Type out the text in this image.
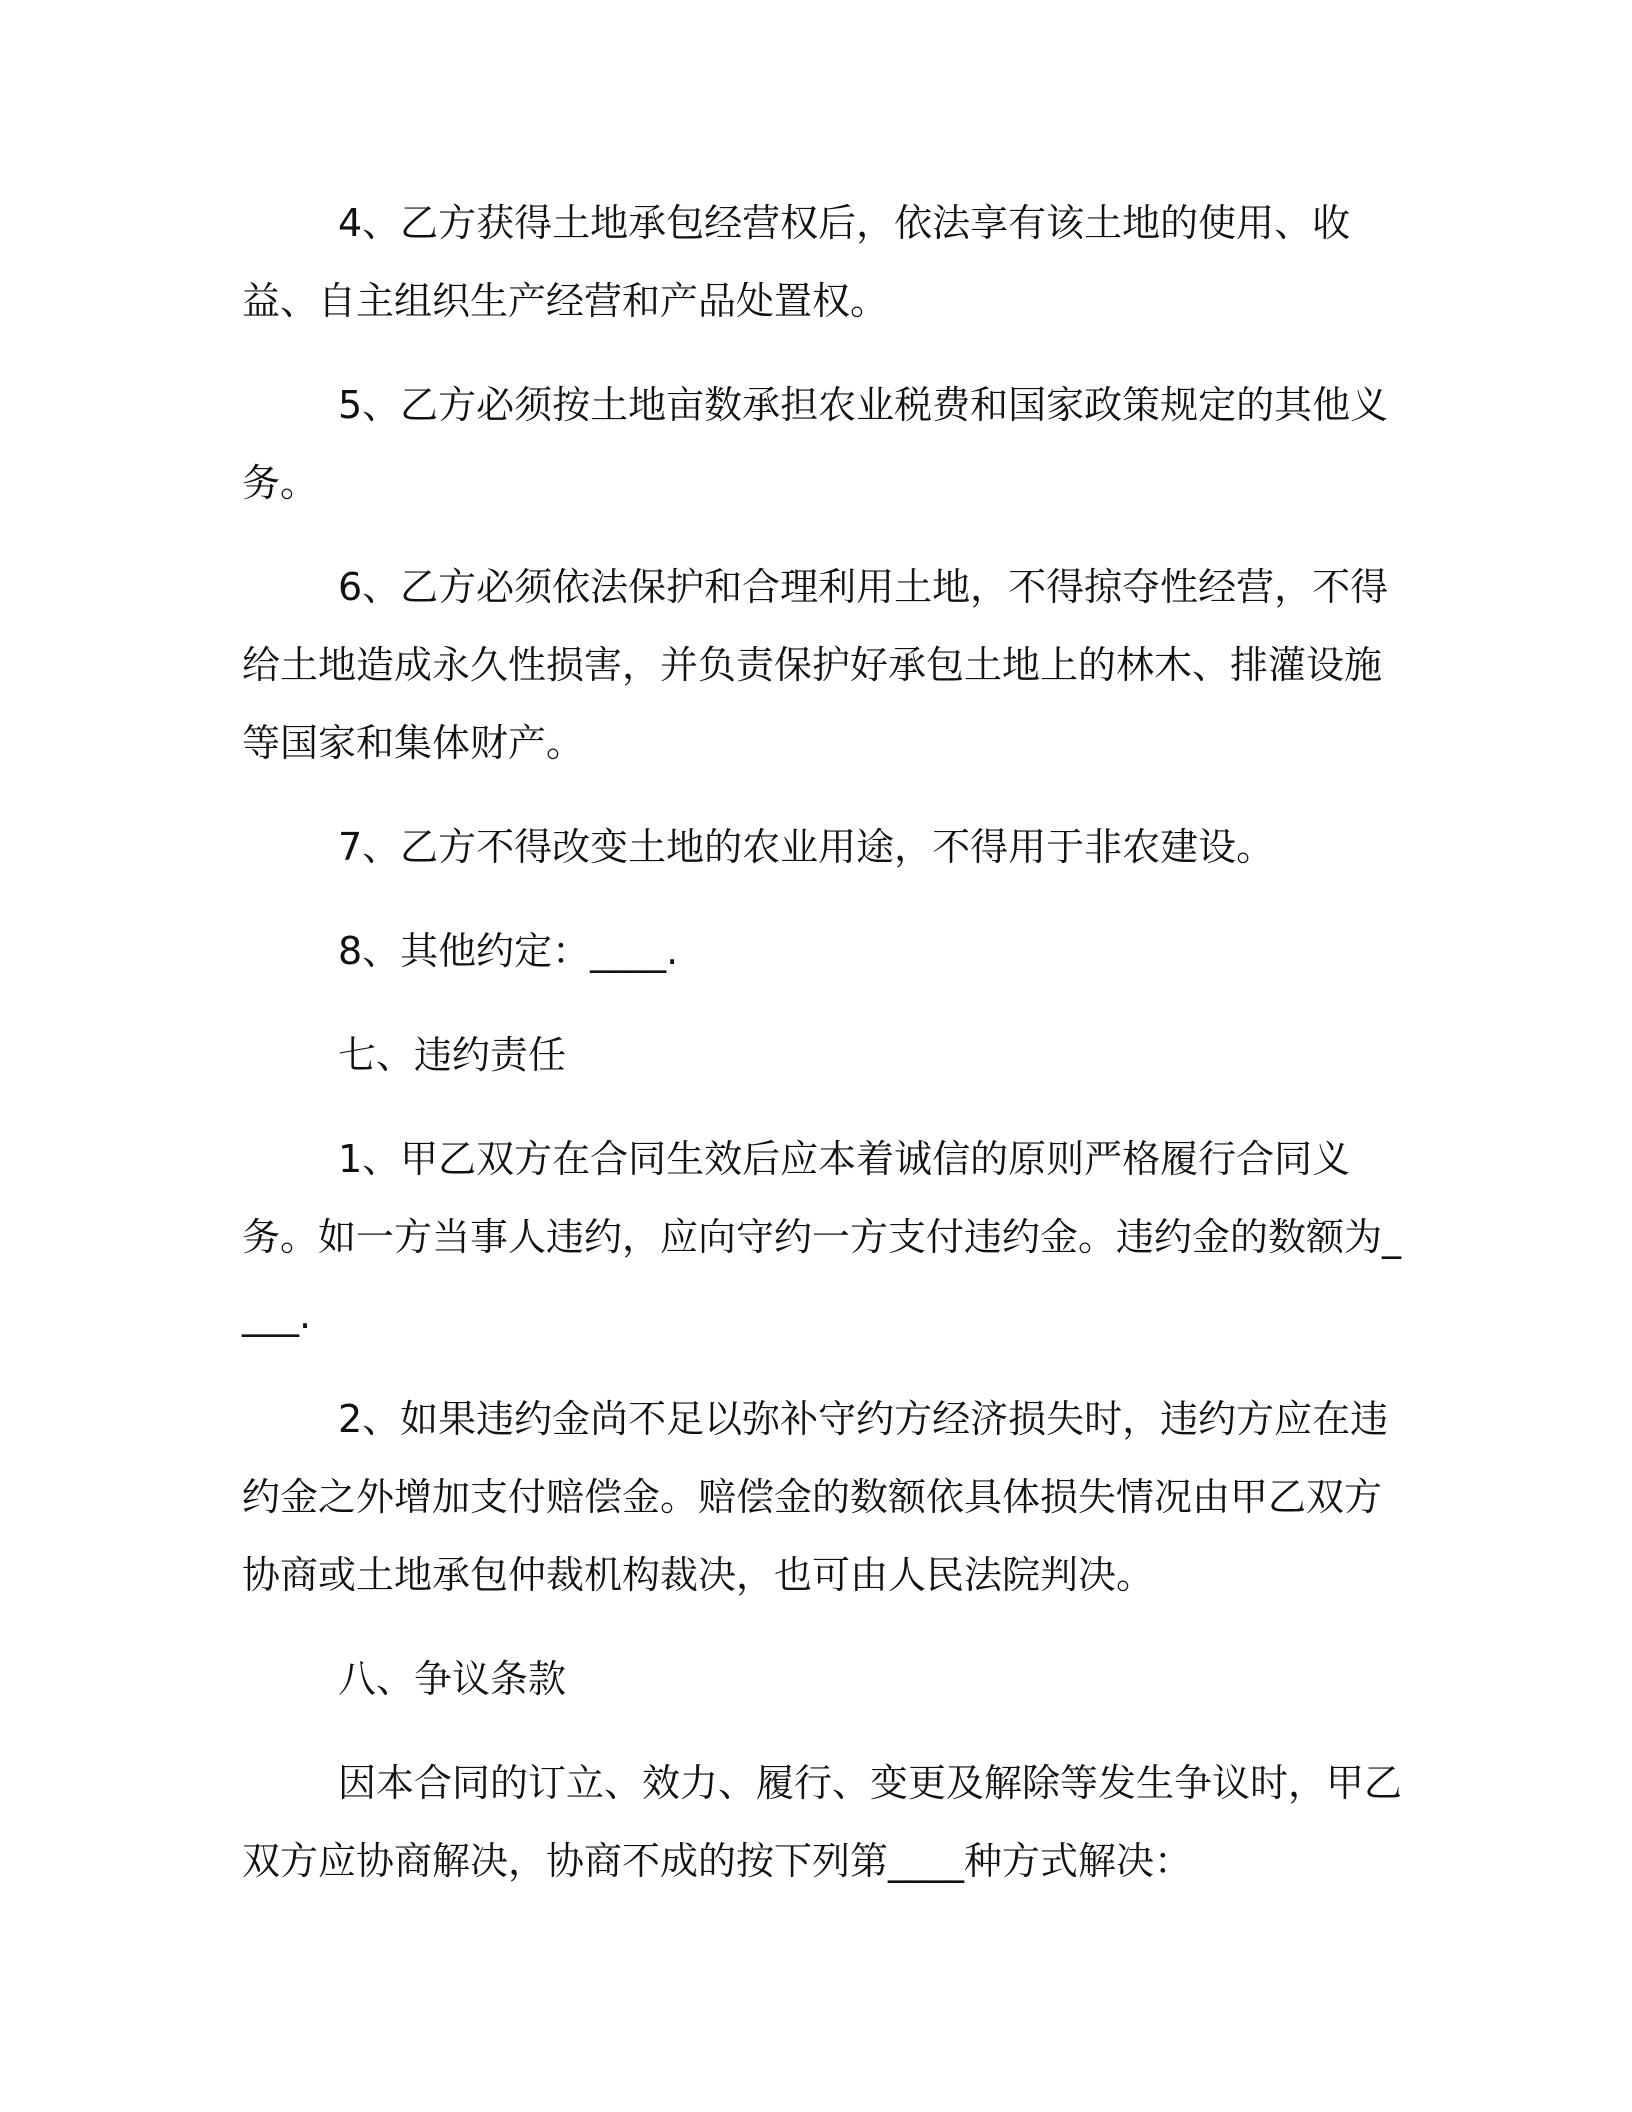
4、乙方获得土地承包经营权后，依法享有该土地的使用、收益、自主组织生产经营和产品处置权。

5、乙方必须按土地亩数承担农业税费和国家政策规定的其他义务。

6、乙方必须依法保护和合理利用土地，不得掠夺性经营，不得给土地造成永久性损害，并负责保护好承包土地上的林木、排灌设施等国家和集体财产。

7、乙方不得改变土地的农业用途，不得用于非农建设。

8、其他约定：____.

七、违约责任

1、甲乙双方在合同生效后应本着诚信的原则严格履行合同义务。如一方当事人违约，应向守约一方支付违约金。违约金的数额为____.

2、如果违约金尚不足以弥补守约方经济损失时，违约方应在违约金之外增加支付赔偿金。赔偿金的数额依具体损失情况由甲乙双方协商或土地承包仲裁机构裁决，也可由人民法院判决。

八、争议条款

因本合同的订立、效力、履行、变更及解除等发生争议时，甲乙双方应协商解决，协商不成的按下列第____种方式解决：
